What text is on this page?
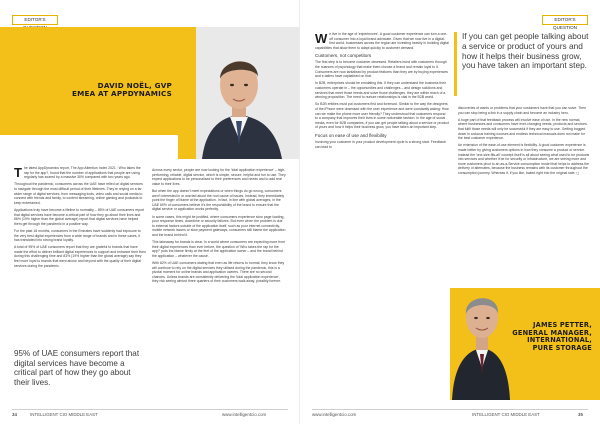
EDITOR'S
DAVID NOËL, GVP
EMEA AT APPDYNAMICS

The latest AppDynamics report, The App Attention Index 2021 : Who takes the rap for the app?, found that the number of applications that people are using regularly has soared by a massive 30% compared with two years ago.

Throughout the pandemic, consumers across the UAE have relied on digital services to navigate through the most difficult period of their lifetimes. They're relying on a far wider range of digital services, from messaging tools, video calls and social media to connect with friends and family, to content streaming, online gaming and podcasts to keep entertained.

Applications truly have become a lifeline to normality – 85% of UAE consumers report that digital services have become a critical part of how they go about their lives and 56% (19% higher than the global average) report that digital services have helped them get through the pandemic in a positive way.

For the past 18 months, consumers in the Emirates have suddenly had exposure to the very best digital experiences from a wide range of brands and in these cases, it has translated into strong brand loyalty.

A total of 95% of UAE consumers report that they are grateful to brands that have made the effort to deliver brilliant digital experiences to support and enhance their lives during this challenging time and 83% (19% higher than the global average) say they feel more loyal to brands that went above and beyond with the quality of their digital services during the pandemic.

95% of UAE consumers report that digital services have become a critical part of how they go about their lives.

Across every sector, people are now looking for the 'total application experience' – high-performing, reliable, digital service, which is simple, secure, helpful and fun to use. They expect applications to be personalised to their preferences and needs and to add real value to their lives.

But when the app doesn't meet expectations or when things do go wrong, consumers aren't interested in or worried about the root cause of issues. Instead, they immediately point the finger of blame at the application. In fact, in line with global averages, in the UAE 69% of consumers believe it's the responsibility of the brand to ensure that the digital service or application works perfectly.

In some cases, this might be justified, where consumers experience slow page loading, poor response times, downtime or security failures. But even when the problem is due to external factors outside of the application itself, such as poor internet connectivity, mobile network issues or slow payment gateways, consumers still blame the application and the brand behind it.

This takeaway for brands is clear. In a world where consumers are expecting more from their digital experiences than ever before, the question of 'Who takes the rap for the app?' puts the blame firmly at the feet of the application owner – and the brand behind the application – whatever the cause.

With 82% of UAE consumers stating that even as life returns to normal, they know they will continue to rely on the digital services they utilised during the pandemic, this is a pivotal moment for online brands and application owners. There are no second chances. Unless brands are consistently delivering the 'total application experience', they risk seeing almost three quarters of their customers walk away, possibly forever.

34	INTELLIGENT CIO MIDDLE EAST	www.intelligentcio.com
EDITOR'S QUESTION

We live in the age of 'experiences'. A good customer experience can turn a one-off consumer into a loyal brand advocate. Given that we now live in a digital-first world, businesses across the region are investing heavily in building digital capabilities that allow them to adapt quickly to customer demand.

Customers, not competitors

The first step is to become customer obsessed. Retailers bond with customers through the nuances of psychology that make them choose a brand and remain loyal to it. Consumers are now tantalised by product features than they are by buying experiences and e-tailers have capitalised on that.

In B2B, enterprises should be emulating this. If they can understand the business their customers operate in – the opportunities and challenges – and design solutions and services that meet those needs and solve those challenges, they are within reach of a winning proposition. The need to nurture relationships is vital in the B2B world.

So B2B entities must put customers first and foremost. Similar to the way the designers of the iPhone were obsessed with the user experience and were constantly asking: How can we make the phone more user friendly? They understood that customers respond to a company that improves their lives in some noticeable fashion. In the age of social media, even for B2B companies, if you can get people talking about a service or product of yours and how it helps their business grow, you have taken an important step.

Focus on ease of use and flexibility

Involving your customer in your product development cycle is a strong start. Feedback can lead to

If you can get people talking about a service or product of yours and how it helps their business grow, you have taken an important step.

discoveries of wants or problems that your customers have that you can solve. Then you can stop being a link in a supply chain and become an industry hero.

A huge part of that feedback process will involve ease of use. In the new normal, where businesses and consumers have ever-changing needs, products and services that fulfil those needs will only be successful if they are easy to use. Getting bogged down in arduous training courses and endless technical manuals does not make for the best customer experience.

An extension of the ease-of-use element is flexibility. A good customer experience is made better by giving customers options in how they consume a product or service. Instead the 'one-size-fits-all' concept itself is all about seeing what used to be products into services and whether it be for security or infrastructure, we are seeing more and more customers pivot to an as-a-Service consumption model that helps to address the delivery of alternates, because the business remains with its customer throughout the consumption journey. Whereas if, if you like, baked right into the original sale. ◻

JAMES PETTER,
GENERAL MANAGER,
INTERNATIONAL,
PURE STORAGE
www.intelligentcio.com	INTELLIGENT CIO MIDDLE EAST	35
